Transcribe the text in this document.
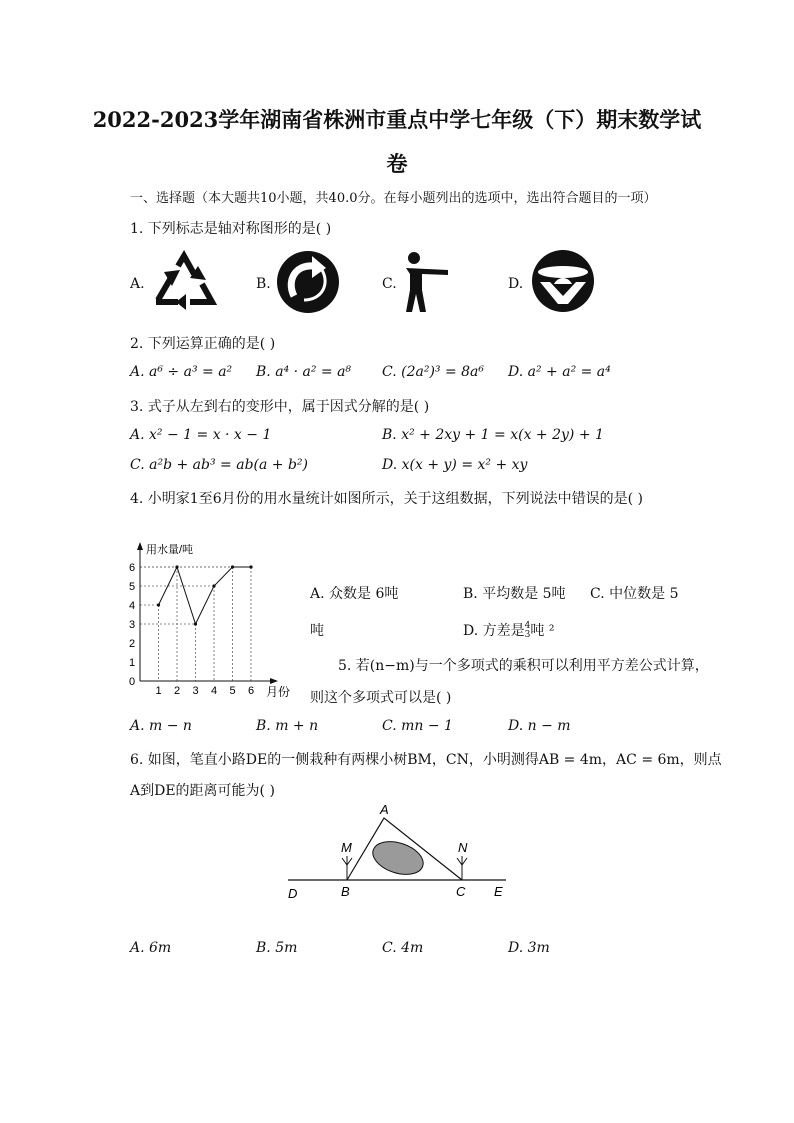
2022-2023学年湖南省株洲市重点中学七年级（下）期末数学试
卷
一、选择题（本大题共10小题，共40.0分。在每小题列出的选项中，选出符合题目的一项）
1. 下列标志是轴对称图形的是( )
A.	B.	C.	D.
2. 下列运算正确的是( )
A. a⁶ ÷ a³ = a² B. a⁴ · a² = a⁸ C. (2a²)³ = 8a⁶ D. a² + a² = a⁴
3. 式子从左到右的变形中，属于因式分解的是( )
A. x² − 1 = x · x − 1	B. x² + 2xy + 1 = x(x + 2y) + 1
C. a²b + ab³ = ab(a + b²)	D. x(x + y) = x² + xy
4. 小明家1至6月份的用水量统计如图所示，关于这组数据，下列说法中错误的是( )
用水量/吨
月份
0
1
2
3
4
5
6
1 2 3 4 5 6
A. 众数是 6吨	B. 平均数是 5吨 C. 中位数是 5
吨	D. 方差是 4
3 吨 ²
5. 若(n−m)与一个多项式的乘积可以利用平方差公式计算，
则这个多项式可以是( )
A. m − n	B. m + n	C. mn − 1	D. n − m
6. 如图，笔直小路DE的一侧栽种有两棵小树BM，CN，小明测得AB = 4m，AC = 6m，则点
A到DE的距离可能为( )
A
M	N
D	B	C E
A. 6m	B. 5m	C. 4m	D. 3m
